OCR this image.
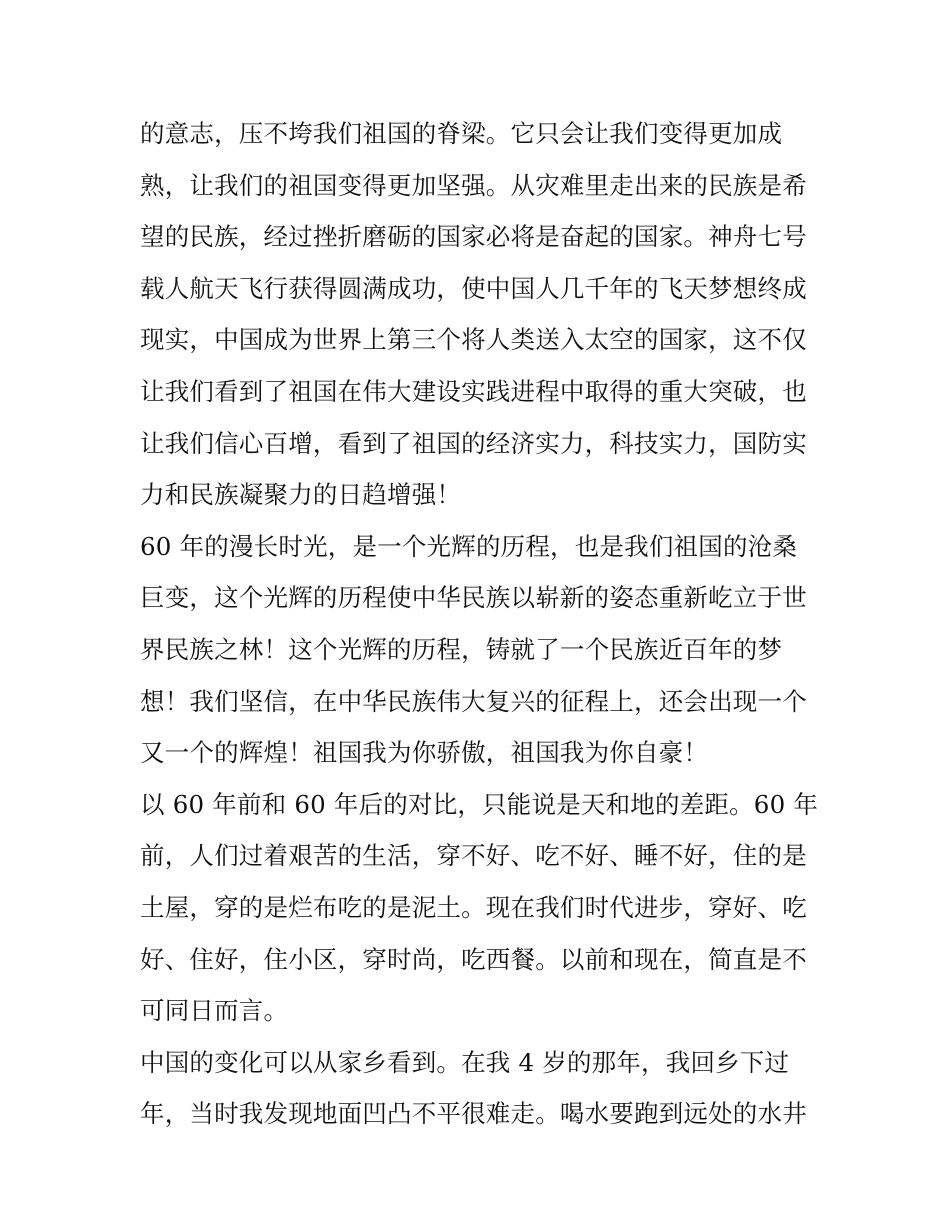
的意志，压不垮我们祖国的脊梁。它只会让我们变得更加成
熟，让我们的祖国变得更加坚强。从灾难里走出来的民族是希
望的民族，经过挫折磨砺的国家必将是奋起的国家。神舟七号
载人航天飞行获得圆满成功，使中国人几千年的飞天梦想终成
现实，中国成为世界上第三个将人类送入太空的国家，这不仅
让我们看到了祖国在伟大建设实践进程中取得的重大突破，也
让我们信心百增，看到了祖国的经济实力，科技实力，国防实
力和民族凝聚力的日趋增强！
60 年的漫长时光，是一个光辉的历程，也是我们祖国的沧桑
巨变，这个光辉的历程使中华民族以崭新的姿态重新屹立于世
界民族之林！这个光辉的历程，铸就了一个民族近百年的梦
想！我们坚信，在中华民族伟大复兴的征程上，还会出现一个
又一个的辉煌！祖国我为你骄傲，祖国我为你自豪！
以 60 年前和 60 年后的对比，只能说是天和地的差距。60 年
前，人们过着艰苦的生活，穿不好、吃不好、睡不好，住的是
土屋，穿的是烂布吃的是泥土。现在我们时代进步，穿好、吃
好、住好，住小区，穿时尚，吃西餐。以前和现在，简直是不
可同日而言。
中国的变化可以从家乡看到。在我 4 岁的那年，我回乡下过
年，当时我发现地面凹凸不平很难走。喝水要跑到远处的水井
